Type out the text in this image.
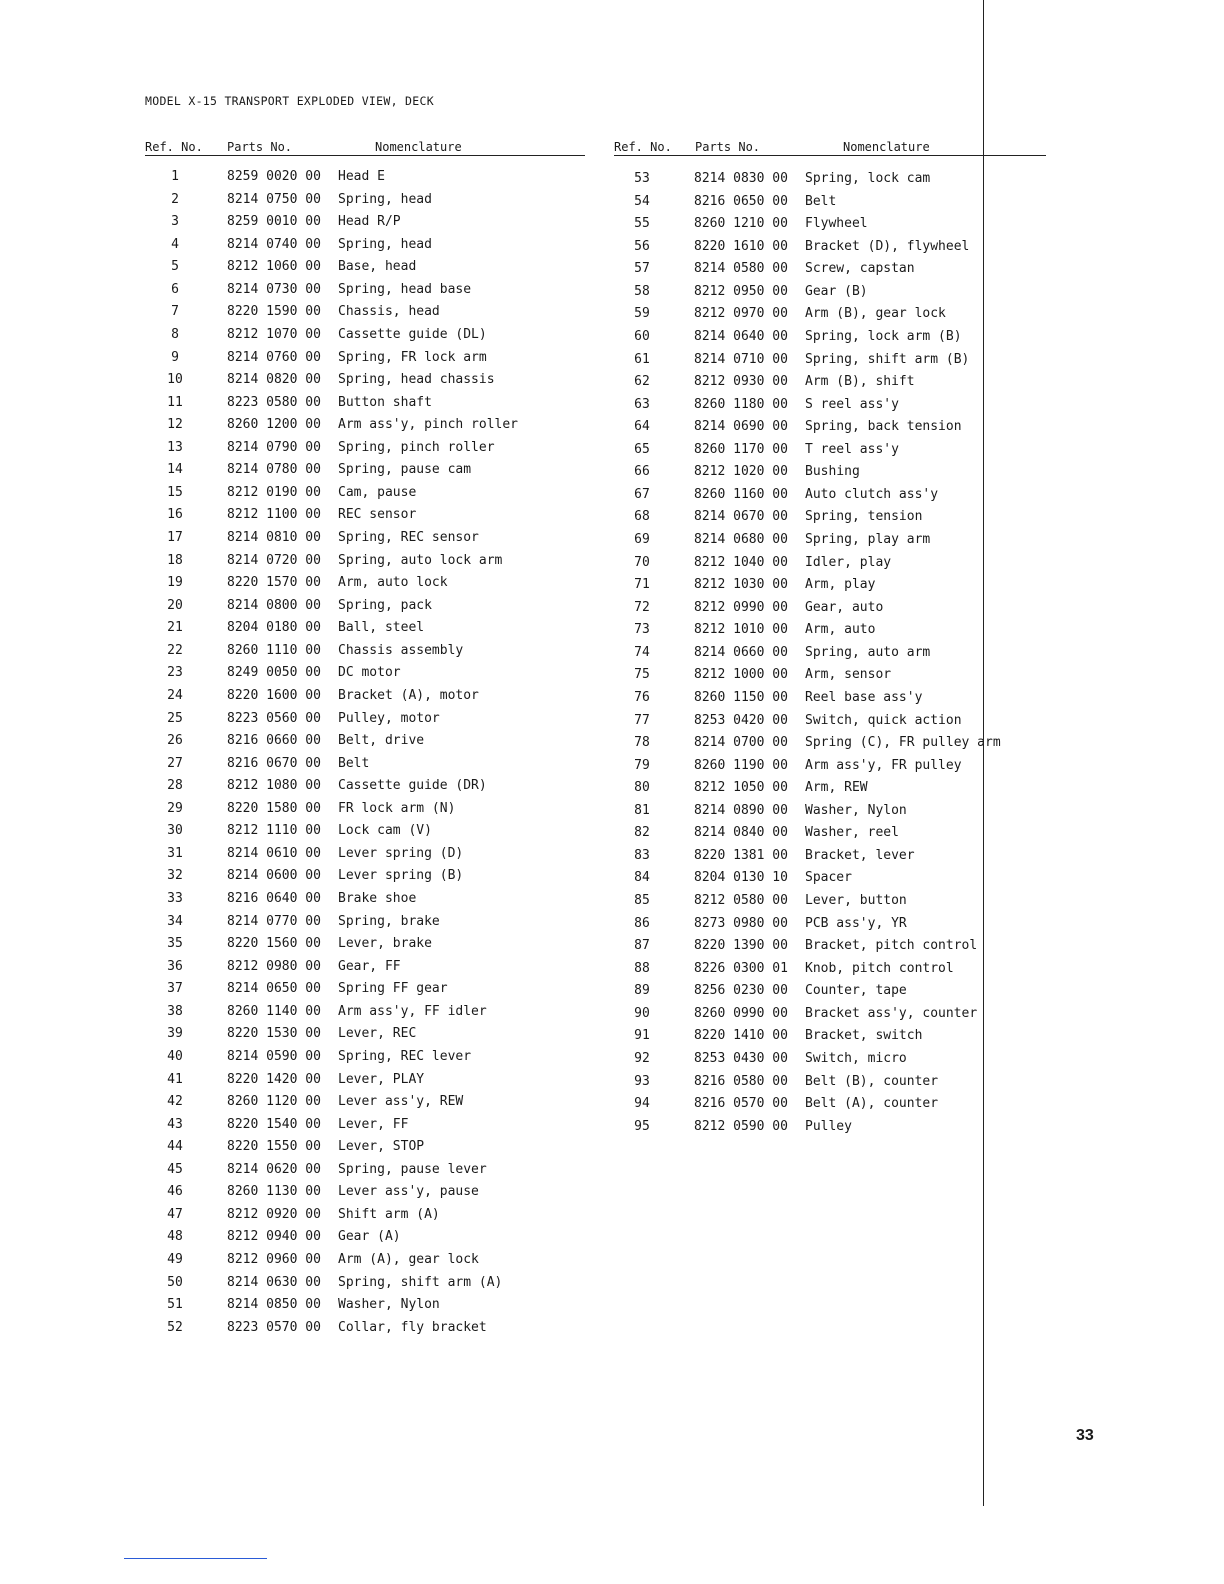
MODEL X-15 TRANSPORT EXPLODED VIEW, DECK
Ref. No. Parts No.	Nomenclature	Ref. No. Parts No.	Nomenclature
1	8259 0020 00 Head E
2	8214 0750 00 Spring, head
3	8259 0010 00 Head R/P
4	8214 0740 00 Spring, head
5	8212 1060 00 Base, head
6	8214 0730 00 Spring, head base
7	8220 1590 00 Chassis, head
8	8212 1070 00 Cassette guide (DL)
9	8214 0760 00 Spring, FR lock arm
10	8214 0820 00 Spring, head chassis
11	8223 0580 00 Button shaft
12	8260 1200 00 Arm ass'y, pinch roller
13	8214 0790 00 Spring, pinch roller
14	8214 0780 00 Spring, pause cam
15	8212 0190 00 Cam, pause
16	8212 1100 00 REC sensor
17	8214 0810 00 Spring, REC sensor
18	8214 0720 00 Spring, auto lock arm
19	8220 1570 00 Arm, auto lock
20	8214 0800 00 Spring, pack
21	8204 0180 00 Ball, steel
22	8260 1110 00 Chassis assembly
23	8249 0050 00 DC motor
24	8220 1600 00 Bracket (A), motor
25	8223 0560 00 Pulley, motor
26	8216 0660 00 Belt, drive
27	8216 0670 00 Belt
28	8212 1080 00 Cassette guide (DR)
29	8220 1580 00 FR lock arm (N)
30	8212 1110 00 Lock cam (V)
31	8214 0610 00 Lever spring (D)
32	8214 0600 00 Lever spring (B)
33	8216 0640 00 Brake shoe
34	8214 0770 00 Spring, brake
35	8220 1560 00 Lever, brake
36	8212 0980 00 Gear, FF
37	8214 0650 00 Spring FF gear
38	8260 1140 00 Arm ass'y, FF idler
39	8220 1530 00 Lever, REC
40	8214 0590 00 Spring, REC lever
41	8220 1420 00 Lever, PLAY
42	8260 1120 00 Lever ass'y, REW
43	8220 1540 00 Lever, FF
44	8220 1550 00 Lever, STOP
45	8214 0620 00 Spring, pause lever
46	8260 1130 00 Lever ass'y, pause
47	8212 0920 00 Shift arm (A)
48	8212 0940 00 Gear (A)
49	8212 0960 00 Arm (A), gear lock
50	8214 0630 00 Spring, shift arm (A)
51	8214 0850 00 Washer, Nylon
52	8223 0570 00 Collar, fly bracket
53	8214 0830 00 Spring, lock cam
54	8216 0650 00 Belt
55	8260 1210 00 Flywheel
56	8220 1610 00 Bracket (D), flywheel
57	8214 0580 00 Screw, capstan
58	8212 0950 00 Gear (B)
59	8212 0970 00 Arm (B), gear lock
60	8214 0640 00 Spring, lock arm (B)
61	8214 0710 00 Spring, shift arm (B)
62	8212 0930 00 Arm (B), shift
63	8260 1180 00 S reel ass'y
64	8214 0690 00 Spring, back tension
65	8260 1170 00 T reel ass'y
66	8212 1020 00 Bushing
67	8260 1160 00 Auto clutch ass'y
68	8214 0670 00 Spring, tension
69	8214 0680 00 Spring, play arm
70	8212 1040 00 Idler, play
71	8212 1030 00 Arm, play
72	8212 0990 00 Gear, auto
73	8212 1010 00 Arm, auto
74	8214 0660 00 Spring, auto arm
75	8212 1000 00 Arm, sensor
76	8260 1150 00 Reel base ass'y
77	8253 0420 00 Switch, quick action
78	8214 0700 00 Spring (C), FR pulley arm
79	8260 1190 00 Arm ass'y, FR pulley
80	8212 1050 00 Arm, REW
81	8214 0890 00 Washer, Nylon
82	8214 0840 00 Washer, reel
83	8220 1381 00 Bracket, lever
84	8204 0130 10 Spacer
85	8212 0580 00 Lever, button
86	8273 0980 00 PCB ass'y, YR
87	8220 1390 00 Bracket, pitch control
88	8226 0300 01 Knob, pitch control
89	8256 0230 00 Counter, tape
90	8260 0990 00 Bracket ass'y, counter
91	8220 1410 00 Bracket, switch
92	8253 0430 00 Switch, micro
93	8216 0580 00 Belt (B), counter
94	8216 0570 00 Belt (A), counter
95	8212 0590 00 Pulley
33
